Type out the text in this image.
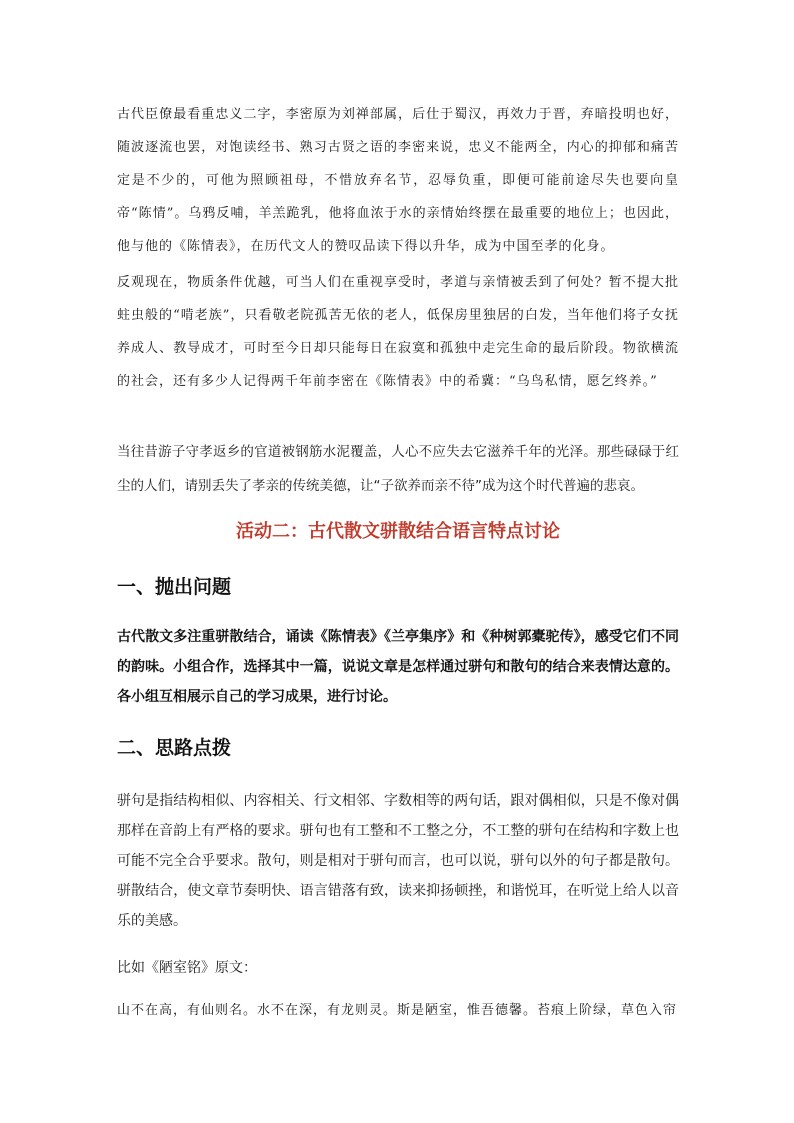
古代臣僚最看重忠义二字，李密原为刘禅部属，后仕于蜀汉，再效力于晋，弃暗投明也好，随波逐流也罢，对饱读经书、熟习古贤之语的李密来说，忠义不能两全，内心的抑郁和痛苦定是不少的，可他为照顾祖母，不惜放弃名节，忍辱负重，即便可能前途尽失也要向皇帝“陈情”。乌鸦反哺，羊羔跪乳，他将血浓于水的亲情始终摆在最重要的地位上；也因此，他与他的《陈情表》，在历代文人的赞叹品读下得以升华，成为中国至孝的化身。

反观现在，物质条件优越，可当人们在重视享受时，孝道与亲情被丢到了何处？暂不提大批蛀虫般的“啃老族”，只看敬老院孤苦无依的老人，低保房里独居的白发，当年他们将子女抚养成人、教导成才，可时至今日却只能每日在寂寞和孤独中走完生命的最后阶段。物欲横流的社会，还有多少人记得两千年前李密在《陈情表》中的希冀：“乌鸟私情，愿乞终养。”

当往昔游子守孝返乡的官道被钢筋水泥覆盖，人心不应失去它滋养千年的光泽。那些碌碌于红尘的人们，请别丢失了孝亲的传统美德，让“子欲养而亲不待”成为这个时代普遍的悲哀。

活动二：古代散文骈散结合语言特点讨论
一、抛出问题

古代散文多注重骈散结合，诵读《陈情表》《兰亭集序》和《种树郭橐驼传》，感受它们不同的韵味。小组合作，选择其中一篇，说说文章是怎样通过骈句和散句的结合来表情达意的。各小组互相展示自己的学习成果，进行讨论。

二、思路点拨

骈句是指结构相似、内容相关、行文相邻、字数相等的两句话，跟对偶相似，只是不像对偶那样在音韵上有严格的要求。骈句也有工整和不工整之分，不工整的骈句在结构和字数上也可能不完全合乎要求。散句，则是相对于骈句而言，也可以说，骈句以外的句子都是散句。骈散结合，使文章节奏明快、语言错落有致，读来抑扬顿挫，和谐悦耳，在听觉上给人以音乐的美感。

比如《陋室铭》原文：

山不在高，有仙则名。水不在深，有龙则灵。斯是陋室，惟吾德馨。苔痕上阶绿，草色入帘
